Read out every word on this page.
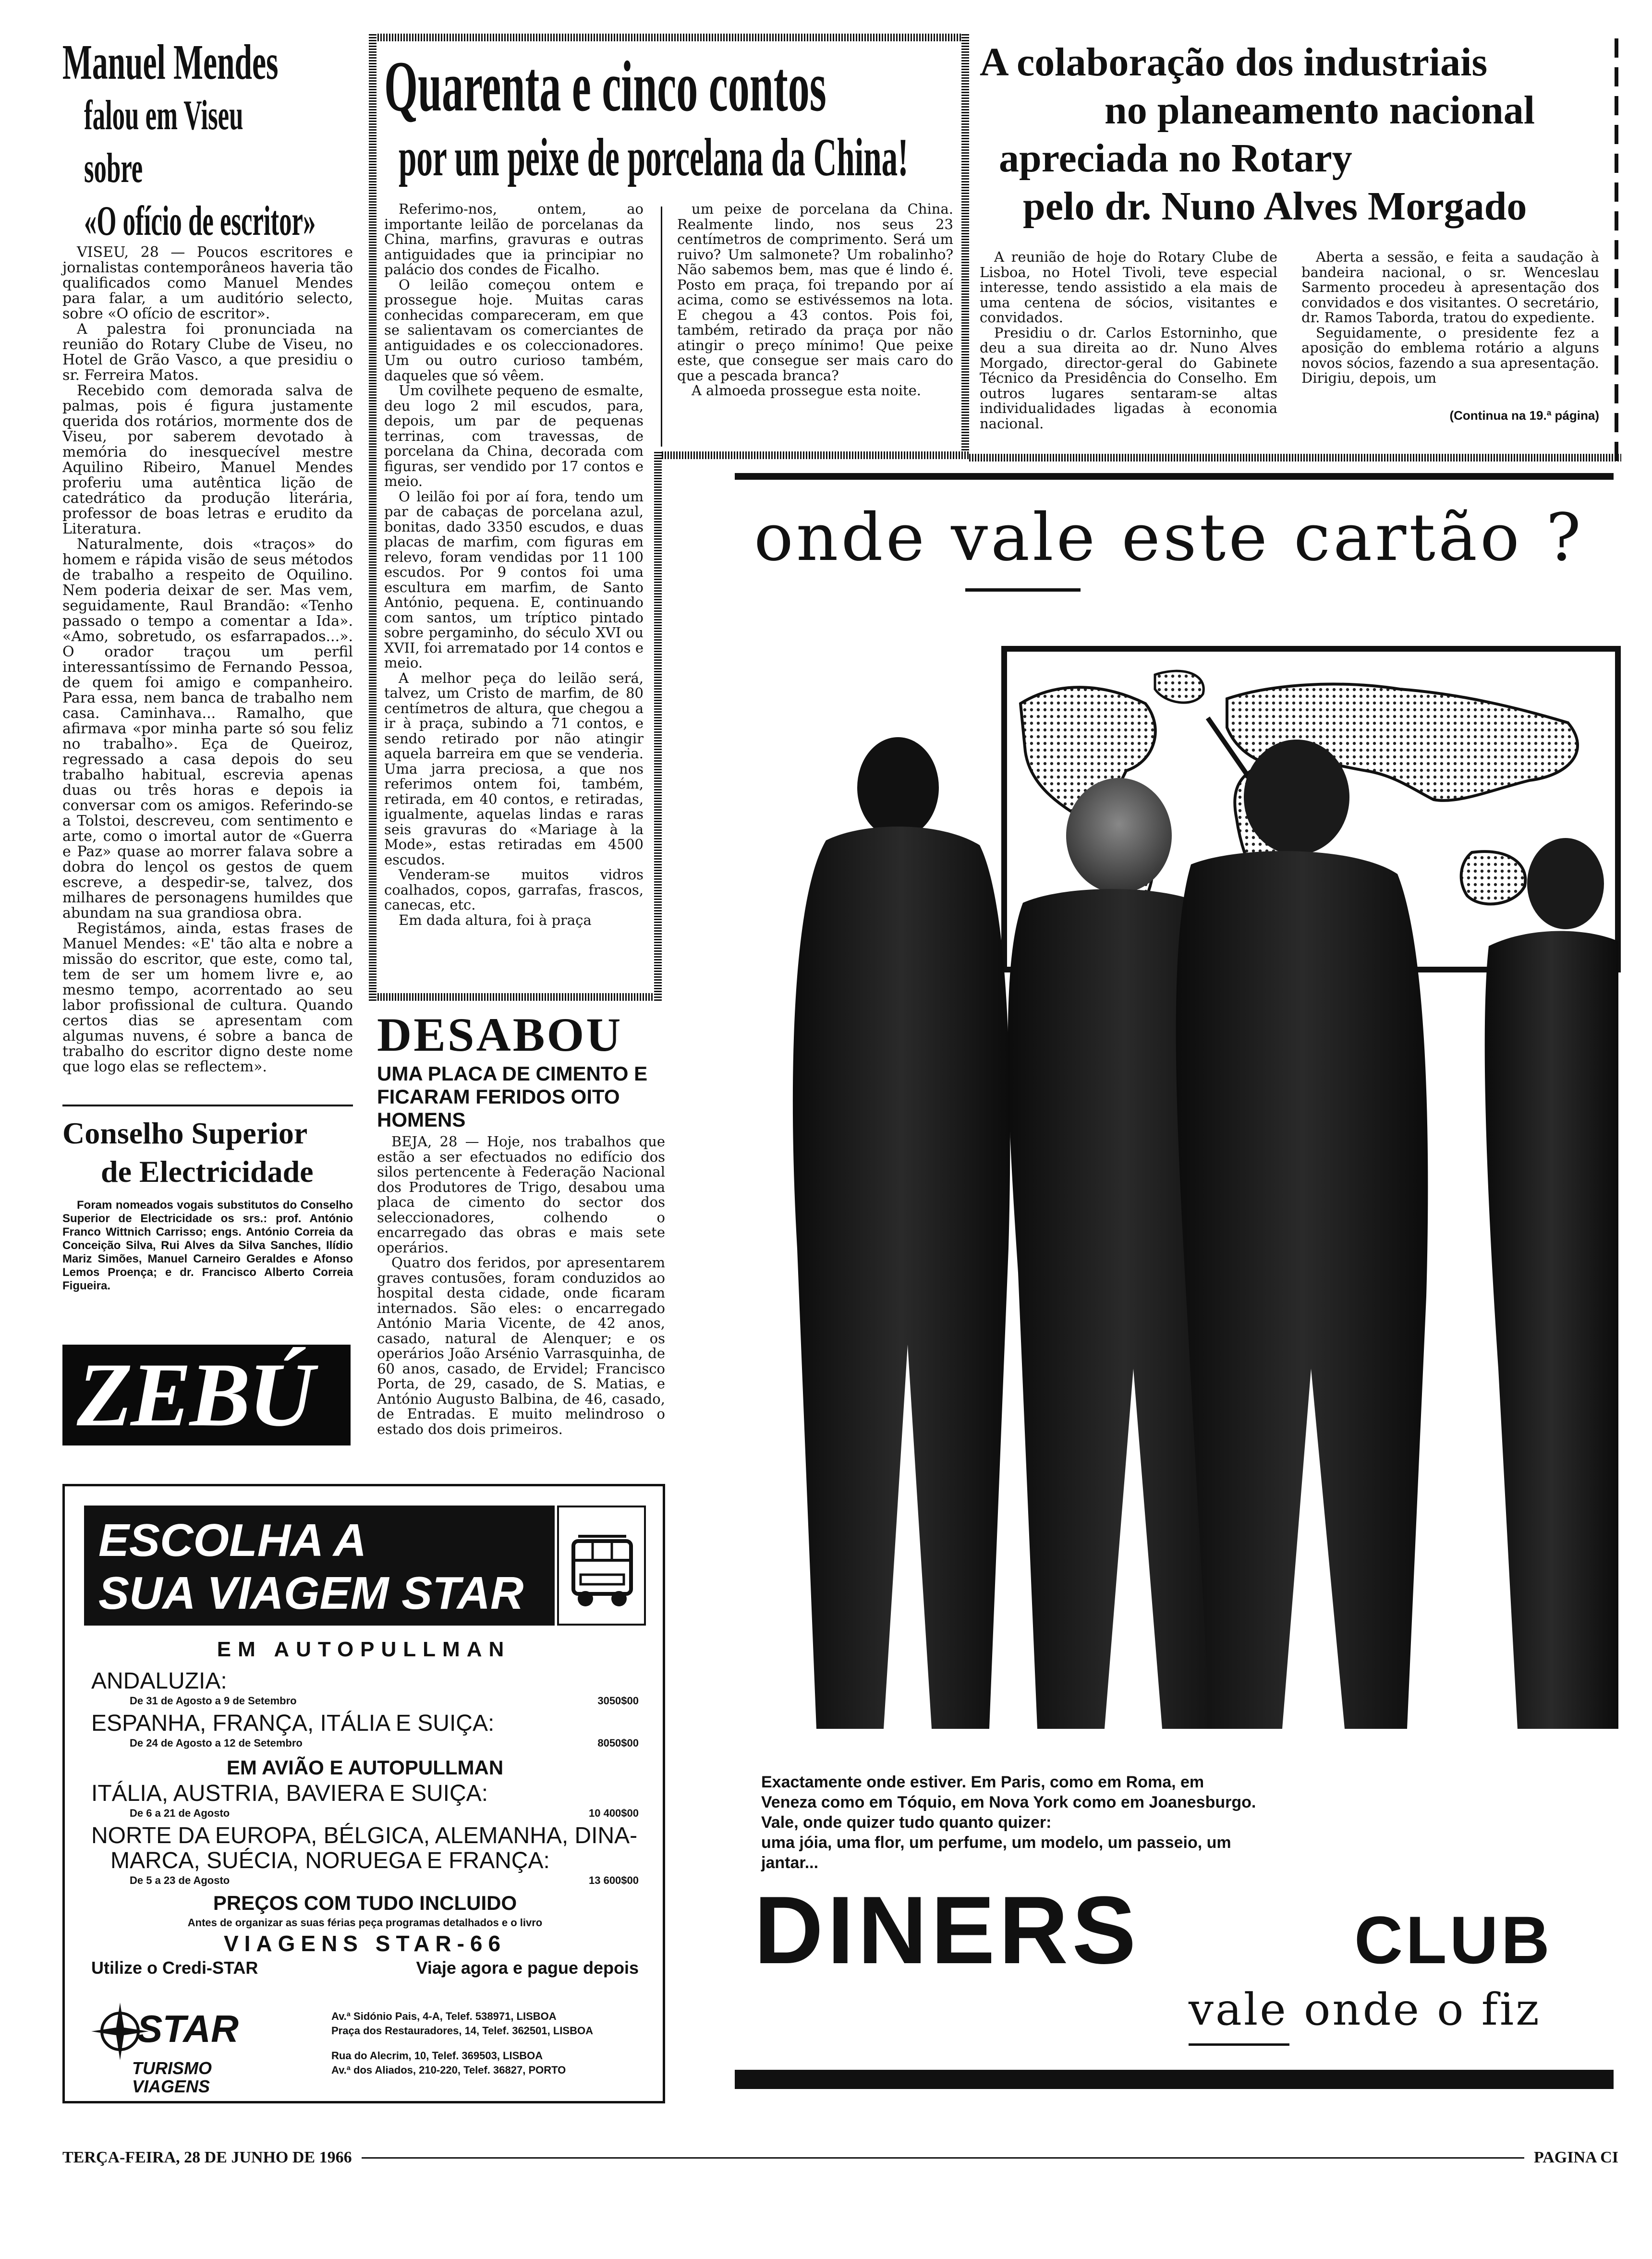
Manuel Mendes
falou em Viseu
sobre
«O ofício de escritor»

VISEU, 28 — Poucos escritores e jornalistas contemporâneos haveria tão qualificados como Manuel Mendes para falar, a um auditório selecto, sobre «O ofício de escritor».

A palestra foi pronunciada na reunião do Rotary Clube de Viseu, no Hotel de Grão Vasco, a que presidiu o sr. Ferreira Matos.

Recebido com demorada salva de palmas, pois é figura justamente querida dos rotários, mormente dos de Viseu, por saberem devotado à memória do inesquecível mestre Aquilino Ribeiro, Manuel Mendes proferiu uma autêntica lição de catedrático da produção literária, professor de boas letras e erudito da Literatura.

Naturalmente, dois «traços» do homem e rápida visão de seus métodos de trabalho a respeito de Oquilino. Nem poderia deixar de ser. Mas vem, seguidamente, Raul Brandão: «Tenho passado o tempo a comentar a Ida». «Amo, sobretudo, os esfarrapados...». O orador traçou um perfil interessantíssimo de Fernando Pessoa, de quem foi amigo e companheiro. Para essa, nem banca de trabalho nem casa. Caminhava... Ramalho, que afirmava «por minha parte só sou feliz no trabalho». Eça de Queiroz, regressado a casa depois do seu trabalho habitual, escrevia apenas duas ou três horas e depois ia conversar com os amigos. Referindo-se a Tolstoi, descreveu, com sentimento e arte, como o imortal autor de «Guerra e Paz» quase ao morrer falava sobre a dobra do lençol os gestos de quem escreve, a despedir-se, talvez, dos milhares de personagens humildes que abundam na sua grandiosa obra.

Registámos, ainda, estas frases de Manuel Mendes: «E' tão alta e nobre a missão do escritor, que este, como tal, tem de ser um homem livre e, ao mesmo tempo, acorrentado ao seu labor profissional de cultura. Quando certos dias se apresentam com algumas nuvens, é sobre a banca de trabalho do escritor digno deste nome que logo elas se reflectem».

Conselho Superior
de Electricidade

Foram nomeados vogais substitutos do Conselho Superior de Electricidade os srs.: prof. António Franco Wittnich Carrisso; engs. António Correia da Conceição Silva, Rui Alves da Silva Sanches, Ilídio Mariz Simões, Manuel Carneiro Geraldes e Afonso Lemos Proença; e dr. Francisco Alberto Correia Figueira.

ZEBÚ
Quarenta e cinco contos
por um peixe de porcelana da China!

Referimo-nos, ontem, ao importante leilão de porcelanas da China, marfins, gravuras e outras antiguidades que ia principiar no palácio dos condes de Ficalho.

O leilão começou ontem e prossegue hoje. Muitas caras conhecidas compareceram, em que se salientavam os comerciantes de antiguidades e os coleccionadores. Um ou outro curioso também, daqueles que só vêem.

Um covilhete pequeno de esmalte, deu logo 2 mil escudos, para, depois, um par de pequenas terrinas, com travessas, de porcelana da China, decorada com figuras, ser vendido por 17 contos e meio.

O leilão foi por aí fora, tendo um par de cabaças de porcelana azul, bonitas, dado 3350 escudos, e duas placas de marfim, com figuras em relevo, foram vendidas por 11 100 escudos. Por 9 contos foi uma escultura em marfim, de Santo António, pequena. E, continuando com santos, um tríptico pintado sobre pergaminho, do século XVI ou XVII, foi arrematado por 14 contos e meio.

A melhor peça do leilão será, talvez, um Cristo de marfim, de 80 centímetros de altura, que chegou a ir à praça, subindo a 71 contos, e sendo retirado por não atingir aquela barreira em que se venderia. Uma jarra preciosa, a que nos referimos ontem foi, também, retirada, em 40 contos, e retiradas, igualmente, aquelas lindas e raras seis gravuras do «Mariage à la Mode», estas retiradas em 4500 escudos.

Venderam-se muitos vidros coalhados, copos, garrafas, frascos, canecas, etc.

Em dada altura, foi à praça

um peixe de porcelana da China. Realmente lindo, nos seus 23 centímetros de comprimento. Será um ruivo? Um salmonete? Um robalinho? Não sabemos bem, mas que é lindo é. Posto em praça, foi trepando por aí acima, como se estivéssemos na lota. E chegou a 43 contos. Pois foi, também, retirado da praça por não atingir o preço mínimo! Que peixe este, que consegue ser mais caro do que a pescada branca?

A almoeda prossegue esta noite.

DESABOU
UMA PLACA DE CIMENTO E FICARAM FERIDOS OITO HOMENS

BEJA, 28 — Hoje, nos trabalhos que estão a ser efectuados no edifício dos silos pertencente à Federação Nacional dos Produtores de Trigo, desabou uma placa de cimento do sector dos seleccionadores, colhendo o encarregado das obras e mais sete operários.

Quatro dos feridos, por apresentarem graves contusões, foram conduzidos ao hospital desta cidade, onde ficaram internados. São eles: o encarregado António Maria Vicente, de 42 anos, casado, natural de Alenquer; e os operários João Arsénio Varrasquinha, de 60 anos, casado, de Ervidel; Francisco Porta, de 29, casado, de S. Matias, e António Augusto Balbina, de 46, casado, de Entradas. E muito melindroso o estado dos dois primeiros.

A colaboração dos industriais
no planeamento nacional
apreciada no Rotary
pelo dr. Nuno Alves Morgado

A reunião de hoje do Rotary Clube de Lisboa, no Hotel Tivoli, teve especial interesse, tendo assistido a ela mais de uma centena de sócios, visitantes e convidados.

Presidiu o dr. Carlos Estorninho, que deu a sua direita ao dr. Nuno Alves Morgado, director-geral do Gabinete Técnico da Presidência do Conselho. Em outros lugares sentaram-se altas individualidades ligadas à economia nacional.

Aberta a sessão, e feita a saudação à bandeira nacional, o sr. Wenceslau Sarmento procedeu à apresentação dos convidados e dos visitantes. O secretário, dr. Ramos Taborda, tratou do expediente.

Seguidamente, o presidente fez a aposição do emblema rotário a alguns novos sócios, fazendo a sua apresentação. Dirigiu, depois, um

(Continua na 19.ª página)
ESCOLHA A
SUA VIAGEM STAR
EM AUTOPULLMAN
ANDALUZIA:
De 31 de Agosto a 9 de Setembro	3050$00
ESPANHA, FRANÇA, ITÁLIA E SUIÇA:
De 24 de Agosto a 12 de Setembro	8050$00
EM AVIÃO E AUTOPULLMAN
ITÁLIA, AUSTRIA, BAVIERA E SUIÇA:
De 6 a 21 de Agosto	10 400$00
NORTE DA EUROPA, BÉLGICA, ALEMANHA, DINA-
MARCA, SUÉCIA, NORUEGA E FRANÇA:
De 5 a 23 de Agosto	13 600$00
PREÇOS COM TUDO INCLUIDO
Antes de organizar as suas férias peça programas detalhados e o livro
VIAGENS STAR-66
Utilize o Credi-STAR	Viaje agora e pague depois
STAR
TURISMO
VIAGENS
Av.ª Sidónio Pais, 4-A, Telef. 538971, LISBOA
Praça dos Restauradores, 14, Telef. 362501, LISBOA
Rua do Alecrim, 10, Telef. 369503, LISBOA
Av.ª dos Aliados, 210-220, Telef. 36827, PORTO
onde vale este cartão ?
Exactamente onde estiver. Em Paris, como em Roma, em
Veneza como em Tóquio, em Nova York como em Joanesburgo.
Vale, onde quizer tudo quanto quizer:
uma jóia, uma flor, um perfume, um modelo, um passeio, um
jantar...
DINERS	CLUB
vale onde o fiz
TERÇA-FEIRA, 28 DE JUNHO DE 1966	PAGINA CI
